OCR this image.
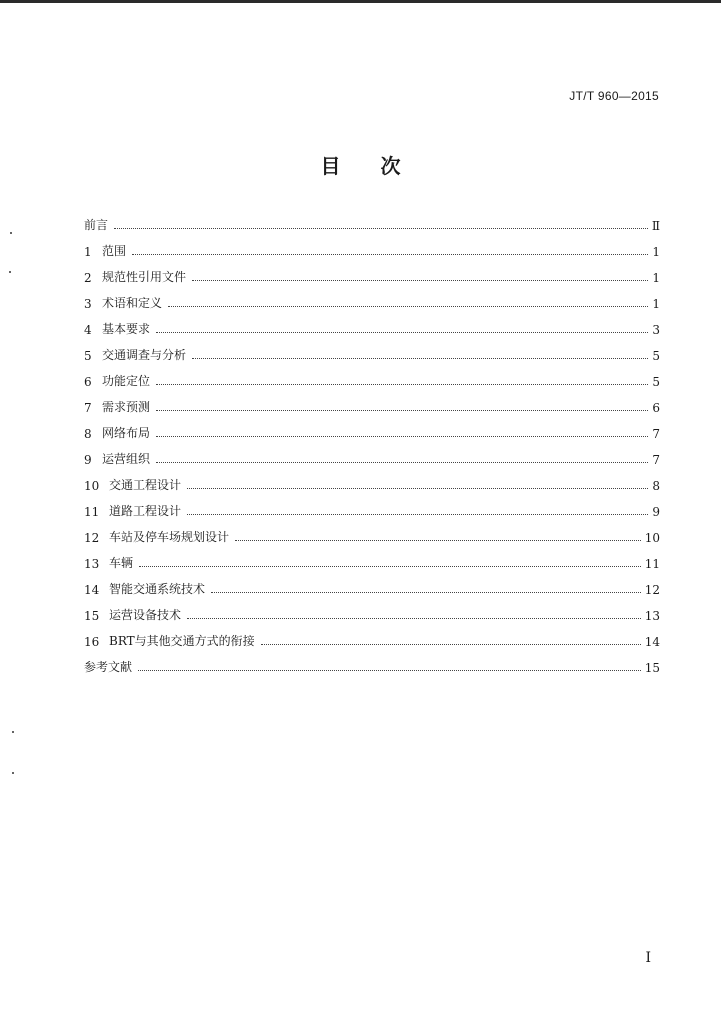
JT/T 960—2015
目 次
前言	Ⅱ
1 范围	1
2 规范性引用文件	1
3 术语和定义	1
4 基本要求	3
5 交通调查与分析	5
6 功能定位	5
7 需求预测	6
8 网络布局	7
9 运营组织	7
10 交通工程设计	8
11 道路工程设计	9
12 车站及停车场规划设计	10
13 车辆	11
14 智能交通系统技术	12
15 运营设备技术	13
16 BRT与其他交通方式的衔接	14
参考文献	15
I
